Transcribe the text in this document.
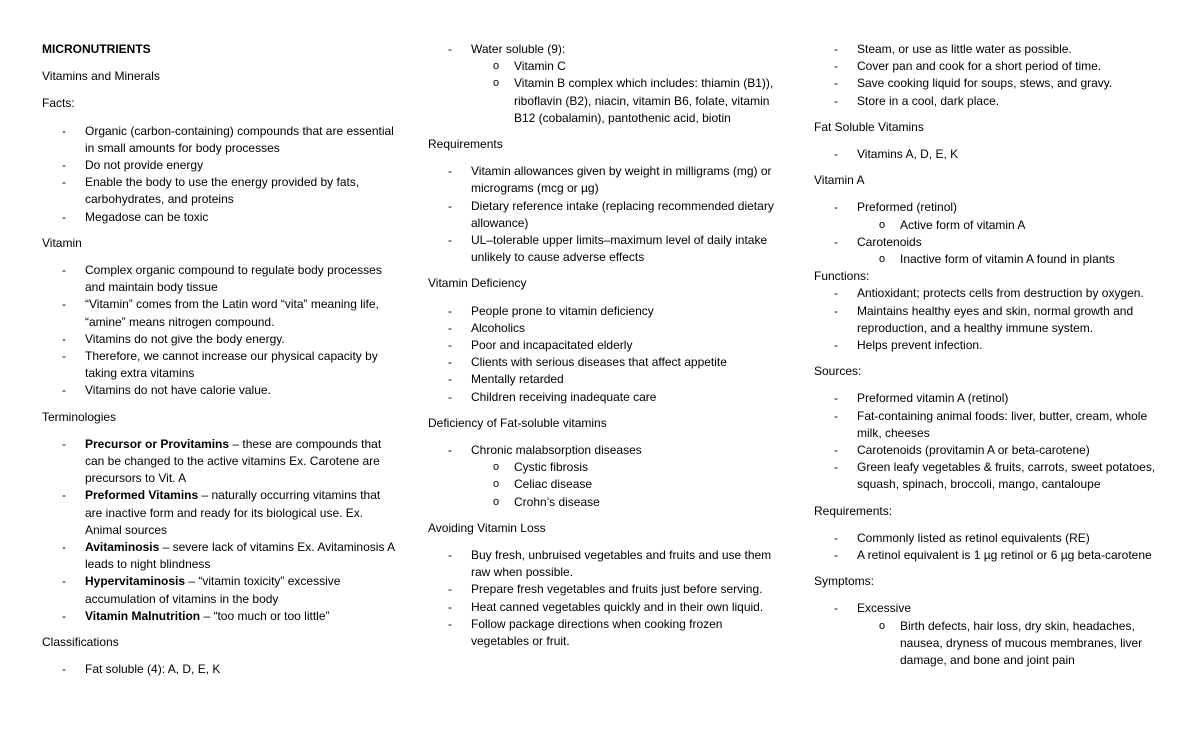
MICRONUTRIENTS
Vitamins and Minerals
Facts:
- Organic (carbon-containing) compounds that are essential in small amounts for body processes
- Do not provide energy
- Enable the body to use the energy provided by fats, carbohydrates, and proteins
- Megadose can be toxic
Vitamin
- Complex organic compound to regulate body processes and maintain body tissue
- “Vitamin” comes from the Latin word “vita” meaning life, “amine” means nitrogen compound.
- Vitamins do not give the body energy.
- Therefore, we cannot increase our physical capacity by taking extra vitamins
- Vitamins do not have calorie value.
Terminologies
- Precursor or Provitamins – these are compounds that can be changed to the active vitamins Ex. Carotene are precursors to Vit. A
- Preformed Vitamins – naturally occurring vitamins that are inactive form and ready for its biological use. Ex. Animal sources
- Avitaminosis – severe lack of vitamins Ex. Avitaminosis A leads to night blindness
- Hypervitaminosis – “vitamin toxicity” excessive accumulation of vitamins in the body
- Vitamin Malnutrition – “too much or too little”
Classifications
- Fat soluble (4): A, D, E, K
- Water soluble (9):
o Vitamin C
o Vitamin B complex which includes: thiamin (B1)), riboflavin (B2), niacin, vitamin B6, folate, vitamin B12 (cobalamin), pantothenic acid, biotin
Requirements
- Vitamin allowances given by weight in milligrams (mg) or micrograms (mcg or µg)
- Dietary reference intake (replacing recommended dietary allowance)
- UL–tolerable upper limits–maximum level of daily intake unlikely to cause adverse effects
Vitamin Deficiency
- People prone to vitamin deficiency
- Alcoholics
- Poor and incapacitated elderly
- Clients with serious diseases that affect appetite
- Mentally retarded
- Children receiving inadequate care
Deficiency of Fat-soluble vitamins
- Chronic malabsorption diseases
o Cystic fibrosis
o Celiac disease
o Crohn’s disease
Avoiding Vitamin Loss
- Buy fresh, unbruised vegetables and fruits and use them raw when possible.
- Prepare fresh vegetables and fruits just before serving.
- Heat canned vegetables quickly and in their own liquid.
- Follow package directions when cooking frozen vegetables or fruit.
- Steam, or use as little water as possible.
- Cover pan and cook for a short period of time.
- Save cooking liquid for soups, stews, and gravy.
- Store in a cool, dark place.
Fat Soluble Vitamins
- Vitamins A, D, E, K
Vitamin A
- Preformed (retinol)
o Active form of vitamin A
- Carotenoids
o Inactive form of vitamin A found in plants
Functions:
- Antioxidant; protects cells from destruction by oxygen.
- Maintains healthy eyes and skin, normal growth and reproduction, and a healthy immune system.
- Helps prevent infection.
Sources:
- Preformed vitamin A (retinol)
- Fat-containing animal foods: liver, butter, cream, whole milk, cheeses
- Carotenoids (provitamin A or beta-carotene)
- Green leafy vegetables & fruits, carrots, sweet potatoes, squash, spinach, broccoli, mango, cantaloupe
Requirements:
- Commonly listed as retinol equivalents (RE)
- A retinol equivalent is 1 µg retinol or 6 µg beta-carotene
Symptoms:
- Excessive
o Birth defects, hair loss, dry skin, headaches, nausea, dryness of mucous membranes, liver damage, and bone and joint pain
